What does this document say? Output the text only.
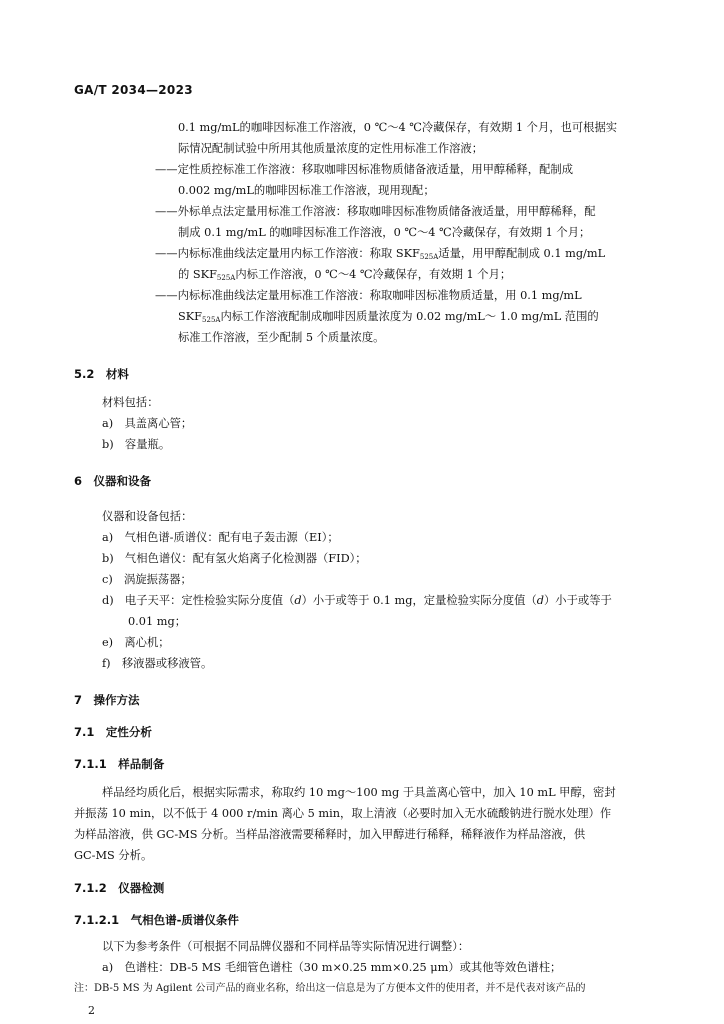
GA/T 2034—2023
0.1 mg/mL的咖啡因标准工作溶液，0 ℃～4 ℃冷藏保存，有效期 1 个月，也可根据实
际情况配制试验中所用其他质量浓度的定性用标准工作溶液；
——定性质控标准工作溶液：移取咖啡因标准物质储备液适量，用甲醇稀释，配制成
0.002 mg/mL的咖啡因标准工作溶液，现用现配；
——外标单点法定量用标准工作溶液：移取咖啡因标准物质储备液适量，用甲醇稀释，配
制成 0.1 mg/mL 的咖啡因标准工作溶液，0 ℃～4 ℃冷藏保存，有效期 1 个月；
——内标标准曲线法定量用内标工作溶液：称取 $SKF_{525A}$适量，用甲醇配制成 0.1 mg/mL
的 $SKF_{525A}$内标工作溶液，0 ℃～4 ℃冷藏保存，有效期 1 个月；
——内标标准曲线法定量用标准工作溶液：称取咖啡因标准物质适量，用 0.1 mg/mL
$SKF_{525A}$内标工作溶液配制成咖啡因质量浓度为 0.02 mg/mL～ 1.0 mg/mL 范围的
标准工作溶液，至少配制 5 个质量浓度。
5.2　材料
材料包括：
a)　具盖离心管；
b)　容量瓶。
6　仪器和设备
仪器和设备包括：
a)　气相色谱-质谱仪：配有电子轰击源（EI）；
b)　气相色谱仪：配有氢火焰离子化检测器（FID）；
c)　涡旋振荡器；
d)　电子天平：定性检验实际分度值（d）小于或等于 0.1 mg，定量检验实际分度值（d）小于或等于
0.01 mg；
e)　离心机；
f)　移液器或移液管。
7　操作方法
7.1　定性分析
7.1.1　样品制备
样品经均质化后，根据实际需求，称取约 10 mg～100 mg 于具盖离心管中，加入 10 mL 甲醇，密封
并振荡 10 min，以不低于 4 000 r/min 离心 5 min，取上清液（必要时加入无水硫酸钠进行脱水处理）作
为样品溶液，供 GC-MS 分析。当样品溶液需要稀释时，加入甲醇进行稀释，稀释液作为样品溶液，供
GC-MS 分析。
7.1.2　仪器检测
7.1.2.1　气相色谱-质谱仪条件
以下为参考条件（可根据不同品牌仪器和不同样品等实际情况进行调整）：
a)　色谱柱：DB-5 MS 毛细管色谱柱（30 m×0.25 mm×0.25 μm）或其他等效色谱柱；
注：DB-5 MS 为 Agilent 公司产品的商业名称，给出这一信息是为了方便本文件的使用者，并不是代表对该产品的
2
